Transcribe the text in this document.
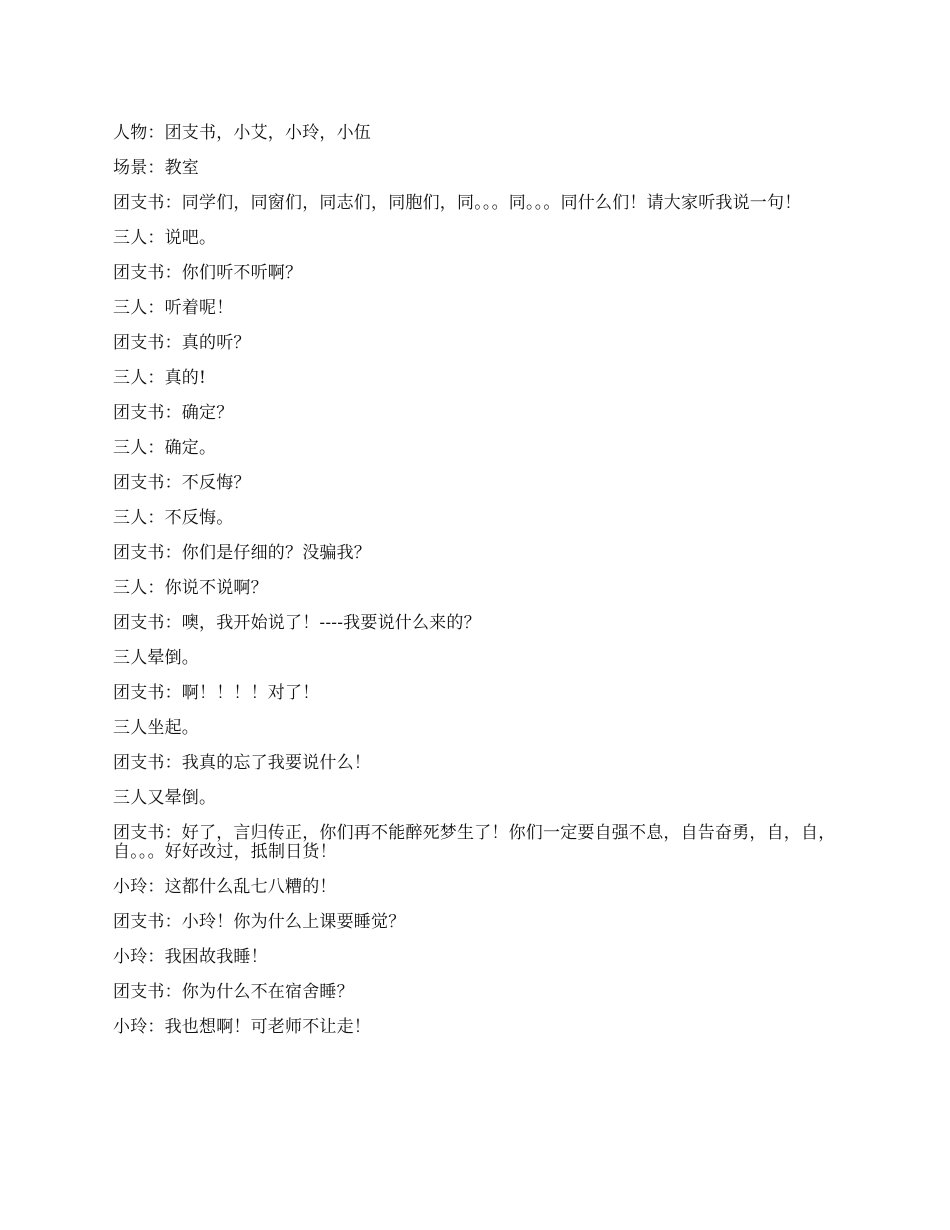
人物：团支书，小艾，小玲，小伍

场景：教室

团支书：同学们，同窗们，同志们，同胞们，同。。。同。。。同什么们！请大家听我说一句！

三人：说吧。

团支书：你们听不听啊？

三人：听着呢！

团支书：真的听？

三人：真的!

团支书：确定？

三人：确定。

团支书：不反悔？

三人：不反悔。

团支书：你们是仔细的？没骗我？

三人：你说不说啊？

团支书：噢，我开始说了！----我要说什么来的？

三人晕倒。

团支书：啊！！！！对了！

三人坐起。

团支书：我真的忘了我要说什么！

三人又晕倒。

团支书：好了，言归传正，你们再不能醉死梦生了！你们一定要自强不息，自告奋勇，自，自，自。。。好好改过，抵制日货！

小玲：这都什么乱七八糟的！

团支书：小玲！你为什么上课要睡觉？

小玲：我困故我睡！

团支书：你为什么不在宿舍睡？

小玲：我也想啊！可老师不让走！
